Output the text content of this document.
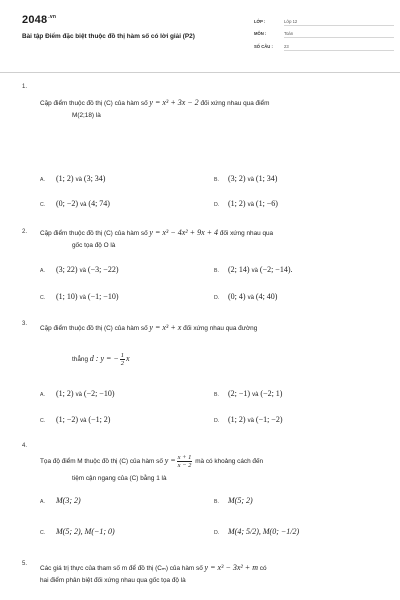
$2048^{.vn}$
Bài tập Điểm đặc biệt thuộc đồ thị hàm số có lời giải (P2)
LỚP :	Lớp 12
MÔN :	Toán
SỐ CÂU :	23
1.
Cặp điểm thuộc đồ thị (C) của hàm số y = x³ + 3x − 2 đối xứng nhau qua điểm
M(2;18) là
A. (1; 2) và (3; 34)	B. (3; 2) và (1; 34)
C. (0; −2) và (4; 74)	D. (1; 2) và (1; −6)
2. Cặp điểm thuộc đồ thị (C) của hàm số y = x³ − 4x² + 9x + 4 đối xứng nhau qua
gốc tọa độ O là
A. (3; 22) và (−3; −22)	B. (2; 14) và (−2; −14).
C. (1; 10) và (−1; −10)	D. (0; 4) và (4; 40)
3.
Cặp điểm thuộc đồ thị (C) của hàm số y = x³ + x đối xứng nhau qua đường
thẳng d : y = − $\frac{1}{2}$ x
A. (1; 2) và (−2; −10)	B. (2; −1) và (−2; 1)
C. (1; −2) và (−1; 2)	D. (1; 2) và (−1; −2)
4.
Tọa độ điểm M thuộc đồ thị (C) của hàm số $y = \frac{x + 1}{x - 2}$ mà có khoảng cách đến
tiệm cận ngang của (C) bằng 1 là
A. M(3; 2)	B. M(5; 2)
C. M(5; 2), M(−1; 0)	D. M(4; 5/2), M(0; −1/2)
5.
Các giá trị thực của tham số m để đồ thị (Cₘ) của hàm số y = x³ − 3x² + m có
hai điểm phân biệt đối xứng nhau qua gốc tọa độ là
